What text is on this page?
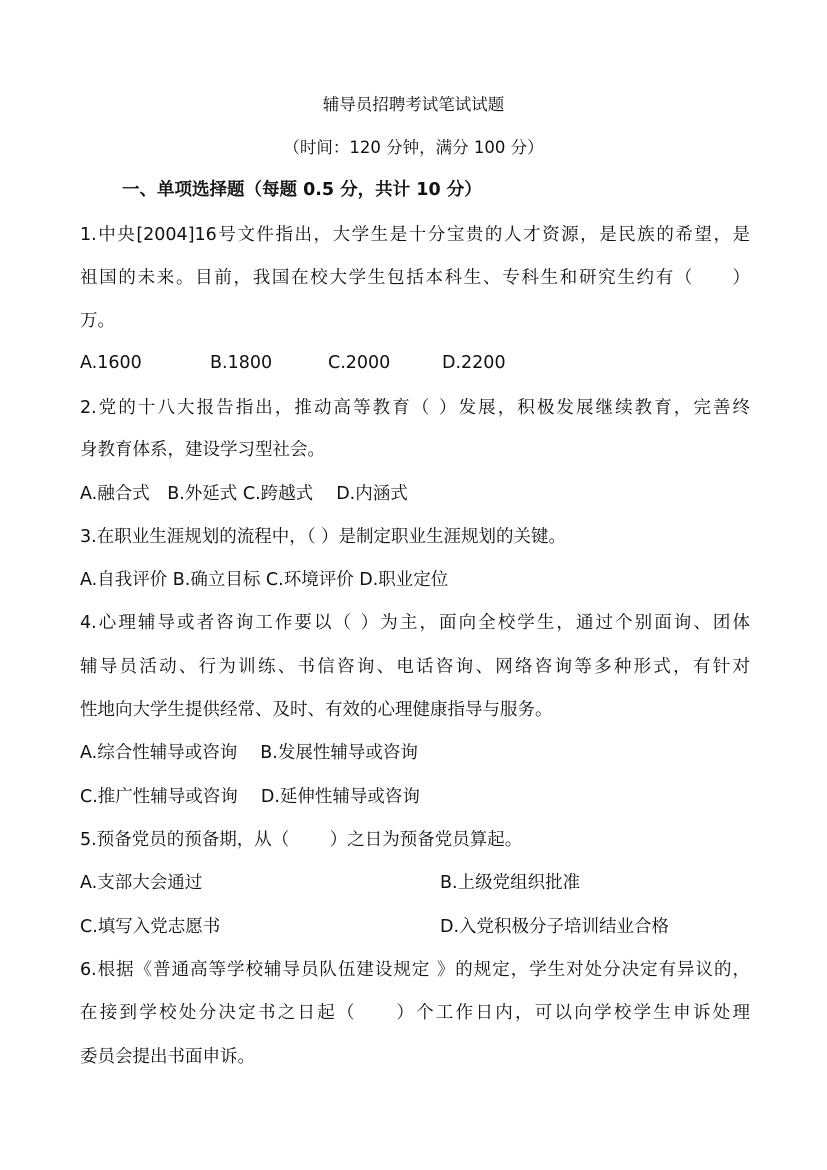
辅导员招聘考试笔试试题
（时间：120 分钟，满分 100 分）
一、单项选择题（每题 0.5 分，共计 10 分）
1.中央[2004]16号文件指出，大学生是十分宝贵的人才资源，是民族的希望，是
祖国的未来。目前，我国在校大学生包括本科生、专科生和研究生约有（　　）
万。
A.1600	B.1800	C.2000	D.2200
2.党的十八大报告指出，推动高等教育（ ）发展，积极发展继续教育，完善终
身教育体系，建设学习型社会。
A.融合式　B.外延式 C.跨越式　 D.内涵式
3.在职业生涯规划的流程中，（ ）是制定职业生涯规划的关键。
A.自我评价 B.确立目标 C.环境评价 D.职业定位
4.心理辅导或者咨询工作要以（ ）为主，面向全校学生，通过个别面询、团体
辅导员活动、行为训练、书信咨询、电话咨询、网络咨询等多种形式，有针对
性地向大学生提供经常、及时、有效的心理健康指导与服务。
A.综合性辅导或咨询　 B.发展性辅导或咨询
C.推广性辅导或咨询　 D.延伸性辅导或咨询
5.预备党员的预备期，从（　　 ）之日为预备党员算起。
A.支部大会通过	B.上级党组织批准
C.填写入党志愿书	D.入党积极分子培训结业合格
6.根据《普通高等学校辅导员队伍建设规定 》的规定，学生对处分决定有异议的，
在接到学校处分决定书之日起（　　）个工作日内，可以向学校学生申诉处理
委员会提出书面申诉。
